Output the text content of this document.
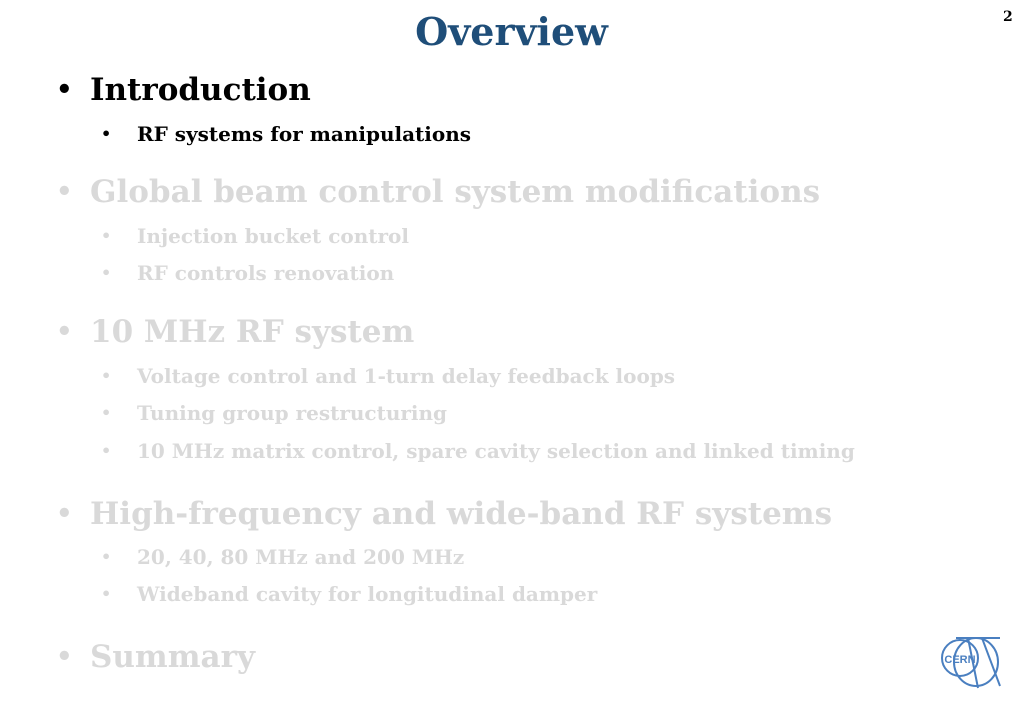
Overview	2
• Introduction
• RF systems for manipulations
• Global beam control system modifications
• Injection bucket control
• RF controls renovation
• 10 MHz RF system
• Voltage control and 1-turn delay feedback loops
• Tuning group restructuring
• 10 MHz matrix control, spare cavity selection and linked timing
• High-frequency and wide-band RF systems
• 20, 40, 80 MHz and 200 MHz
• Wideband cavity for longitudinal damper
• Summary	CERN
